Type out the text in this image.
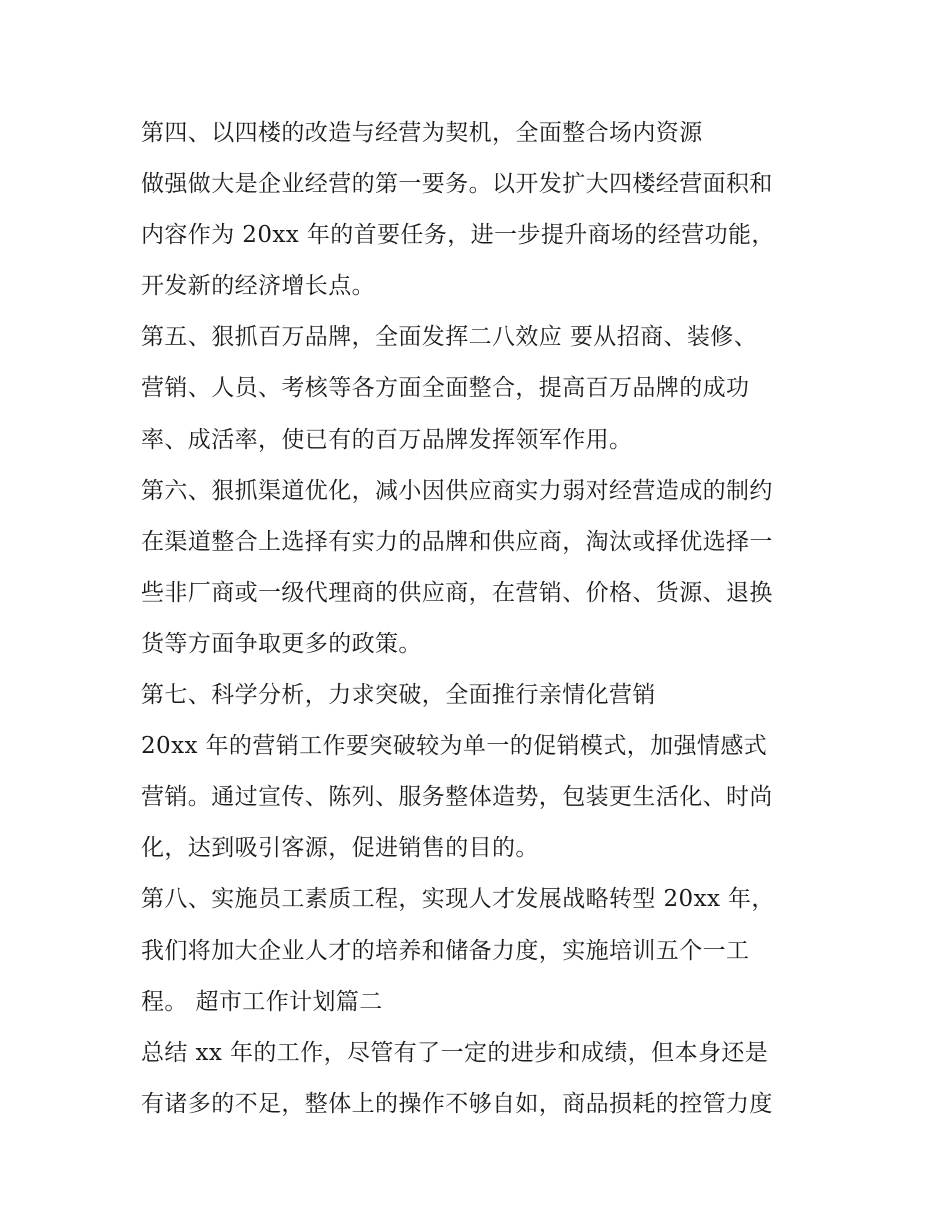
第四、以四楼的改造与经营为契机，全面整合场内资源
做强做大是企业经营的第一要务。以开发扩大四楼经营面积和
内容作为 20xx 年的首要任务，进一步提升商场的经营功能，
开发新的经济增长点。
第五、狠抓百万品牌，全面发挥二八效应 要从招商、装修、
营销、人员、考核等各方面全面整合，提高百万品牌的成功
率、成活率，使已有的百万品牌发挥领军作用。
第六、狠抓渠道优化，减小因供应商实力弱对经营造成的制约
在渠道整合上选择有实力的品牌和供应商，淘汰或择优选择一
些非厂商或一级代理商的供应商，在营销、价格、货源、退换
货等方面争取更多的政策。
第七、科学分析，力求突破，全面推行亲情化营销
20xx 年的营销工作要突破较为单一的促销模式，加强情感式
营销。通过宣传、陈列、服务整体造势，包装更生活化、时尚
化，达到吸引客源，促进销售的目的。
第八、实施员工素质工程，实现人才发展战略转型 20xx 年，
我们将加大企业人才的培养和储备力度，实施培训五个一工
程。 超市工作计划篇二
总结 xx 年的工作，尽管有了一定的进步和成绩，但本身还是
有诸多的不足，整体上的操作不够自如，商品损耗的控管力度
